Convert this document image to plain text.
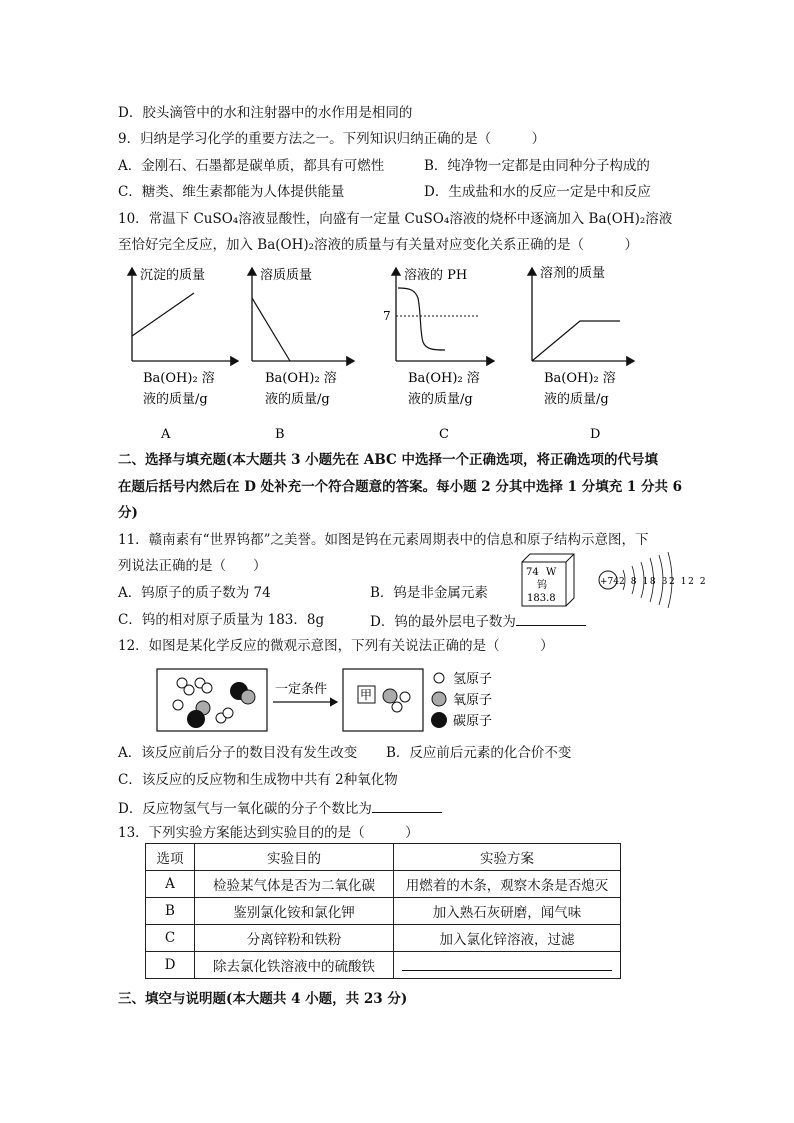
D．胶头滴管中的水和注射器中的水作用是相同的
9．归纳是学习化学的重要方法之一。下列知识归纳正确的是（　　　）
A．金刚石、石墨都是碳单质，都具有可燃性	B．纯净物一定都是由同种分子构成的
C．糖类、维生素都能为人体提供能量	D．生成盐和水的反应一定是中和反应
10．常温下 CuSO₄溶液显酸性，向盛有一定量 CuSO₄溶液的烧杯中逐滴加入 Ba(OH)₂溶液
至恰好完全反应，加入 Ba(OH)₂溶液的质量与有关量对应变化关系正确的是（　　　）
沉淀的质量
Ba(OH)₂ 溶
液的质量/g
A
溶质质量
Ba(OH)₂ 溶
液的质量/g
B
溶液的 PH
7
Ba(OH)₂ 溶
液的质量/g
C
溶剂的质量
Ba(OH)₂ 溶
液的质量/g
D
二、选择与填充题(本大题共 3 小题先在 ABC 中选择一个正确选项，将正确选项的代号填
在题后括号内然后在 D 处补充一个符合题意的答案。每小题 2 分其中选择 1 分填充 1 分共 6
分)
11．赣南素有“世界钨都”之美誉。如图是钨在元素周期表中的信息和原子结构示意图，下
列说法正确的是（　　）
A．钨原子的质子数为 74	B．钨是非金属元素
C．钨的相对原子质量为 183．8g	D．钨的最外层电子数为
74 W
钨
183.8
+74 2 8 18 32 12 2
12．如图是某化学反应的微观示意图，下列有关说法正确的是（　　　）
一定条件	甲
氢原子
氧原子
碳原子
A．该反应前后分子的数目没有发生改变 B．反应前后元素的化合价不变
C．该反应的反应物和生成物中共有 2种氧化物
D．反应物氢气与一氧化碳的分子个数比为
13．下列实验方案能达到实验目的的是（　　　）
选项	实验目的	实验方案
A	检验某气体是否为二氧化碳	用燃着的木条，观察木条是否熄灭
B	鉴别氯化铵和氯化钾	加入熟石灰研磨，闻气味
C	分离锌粉和铁粉	加入氯化锌溶液，过滤
D	除去氯化铁溶液中的硫酸铁	
三、填空与说明题(本大题共 4 小题，共 23 分)
